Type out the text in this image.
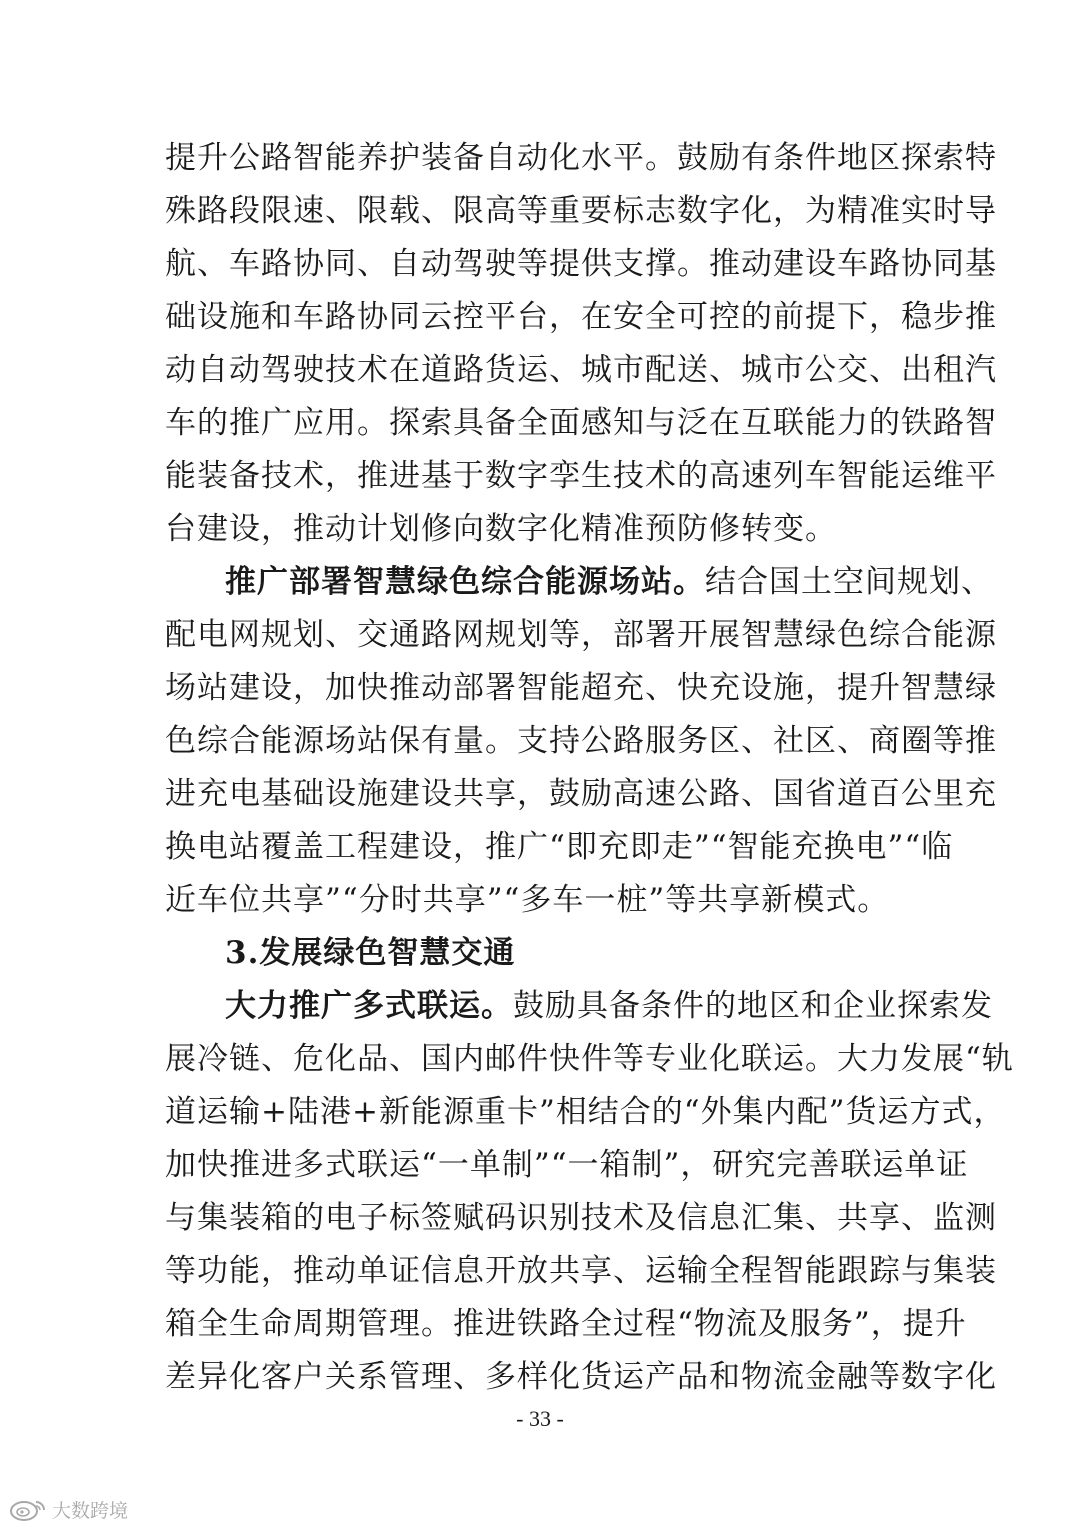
提升公路智能养护装备自动化水平。鼓励有条件地区探索特
殊路段限速、限载、限高等重要标志数字化，为精准实时导
航、车路协同、自动驾驶等提供支撑。推动建设车路协同基
础设施和车路协同云控平台，在安全可控的前提下，稳步推
动自动驾驶技术在道路货运、城市配送、城市公交、出租汽
车的推广应用。探索具备全面感知与泛在互联能力的铁路智
能装备技术，推进基于数字孪生技术的高速列车智能运维平
台建设，推动计划修向数字化精准预防修转变。
推广部署智慧绿色综合能源场站。结合国土空间规划、
配电网规划、交通路网规划等，部署开展智慧绿色综合能源
场站建设，加快推动部署智能超充、快充设施，提升智慧绿
色综合能源场站保有量。支持公路服务区、社区、商圈等推
进充电基础设施建设共享，鼓励高速公路、国省道百公里充
换电站覆盖工程建设，推广“即充即走”“智能充换电”“临
近车位共享”“分时共享”“多车一桩”等共享新模式。
3.发展绿色智慧交通
大力推广多式联运。鼓励具备条件的地区和企业探索发
展冷链、危化品、国内邮件快件等专业化联运。大力发展“轨
道运输+陆港+新能源重卡”相结合的“外集内配”货运方式，
加快推进多式联运“一单制”“一箱制”，研究完善联运单证
与集装箱的电子标签赋码识别技术及信息汇集、共享、监测
等功能，推动单证信息开放共享、运输全程智能跟踪与集装
箱全生命周期管理。推进铁路全过程“物流及服务”，提升
差异化客户关系管理、多样化货运产品和物流金融等数字化
- 33 -
大数跨境
